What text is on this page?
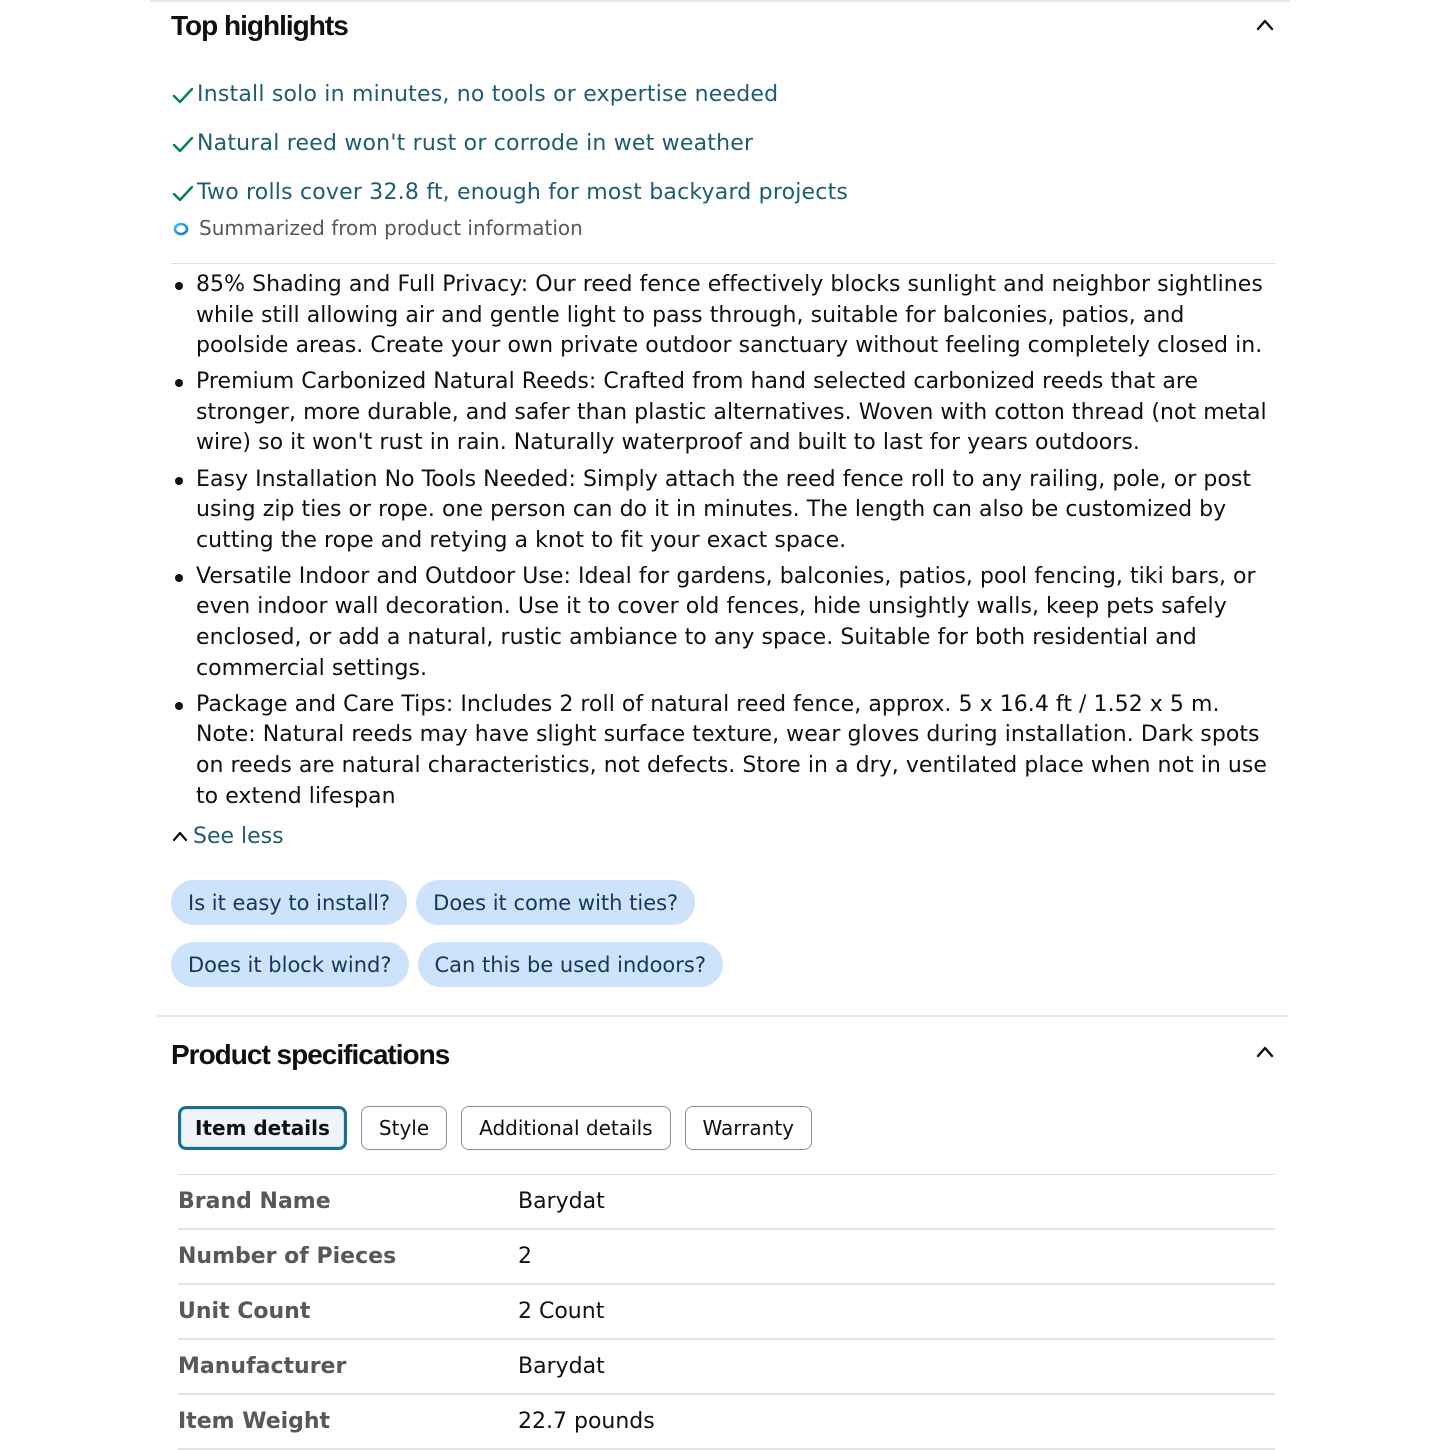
Top highlights
Install solo in minutes, no tools or expertise needed
Natural reed won't rust or corrode in wet weather
Two rolls cover 32.8 ft, enough for most backyard projects
Summarized from product information
85% Shading and Full Privacy: Our reed fence effectively blocks sunlight and neighbor sightlines while still allowing air and gentle light to pass through, suitable for balconies, patios, and poolside areas. Create your own private outdoor sanctuary without feeling completely closed in.
Premium Carbonized Natural Reeds: Crafted from hand selected carbonized reeds that are stronger, more durable, and safer than plastic alternatives. Woven with cotton thread (not metal wire) so it won't rust in rain. Naturally waterproof and built to last for years outdoors.
Easy Installation No Tools Needed: Simply attach the reed fence roll to any railing, pole, or post using zip ties or rope. one person can do it in minutes. The length can also be customized by cutting the rope and retying a knot to fit your exact space.
Versatile Indoor and Outdoor Use: Ideal for gardens, balconies, patios, pool fencing, tiki bars, or even indoor wall decoration. Use it to cover old fences, hide unsightly walls, keep pets safely enclosed, or add a natural, rustic ambiance to any space. Suitable for both residential and commercial settings.
Package and Care Tips: Includes 2 roll of natural reed fence, approx. 5 x 16.4 ft / 1.52 x 5 m. Note: Natural reeds may have slight surface texture, wear gloves during installation. Dark spots on reeds are natural characteristics, not defects. Store in a dry, ventilated place when not in use to extend lifespan
See less
Is it easy to install?	Does it come with ties?
Does it block wind?	Can this be used indoors?
Product specifications
Item details	Style	Additional details	Warranty
Brand Name	Barydat
Number of Pieces	2
Unit Count	2 Count
Manufacturer	Barydat
Item Weight	22.7 pounds
